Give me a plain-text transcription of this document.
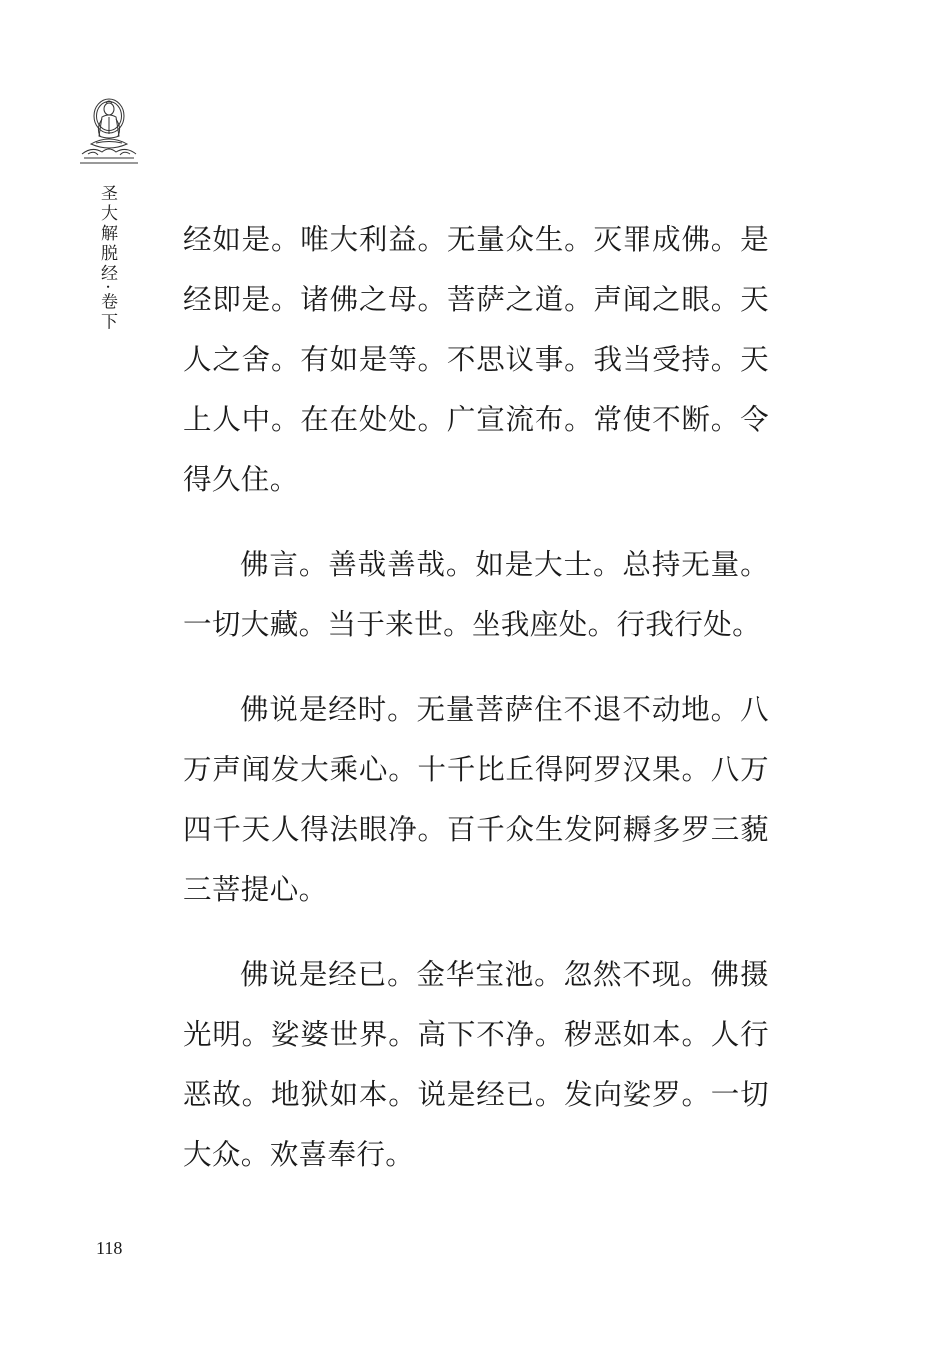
圣大解脱经·卷下 经如是。唯大利益。无量众生。灭罪成佛。是经即是。诸佛之母。菩萨之道。声闻之眼。天人之舍。有如是等。不思议事。我当受持。天上人中。在在处处。广宣流布。常使不断。令得久住。

佛言。善哉善哉。如是大士。总持无量。一切大藏。当于来世。坐我座处。行我行处。

佛说是经时。无量菩萨住不退不动地。八万声闻发大乘心。十千比丘得阿罗汉果。八万四千天人得法眼净。百千众生发阿耨多罗三藐三菩提心。

佛说是经已。金华宝池。忽然不现。佛摄光明。娑婆世界。高下不净。秽恶如本。人行恶故。地狱如本。说是经已。发向娑罗。一切大众。欢喜奉行。

118
